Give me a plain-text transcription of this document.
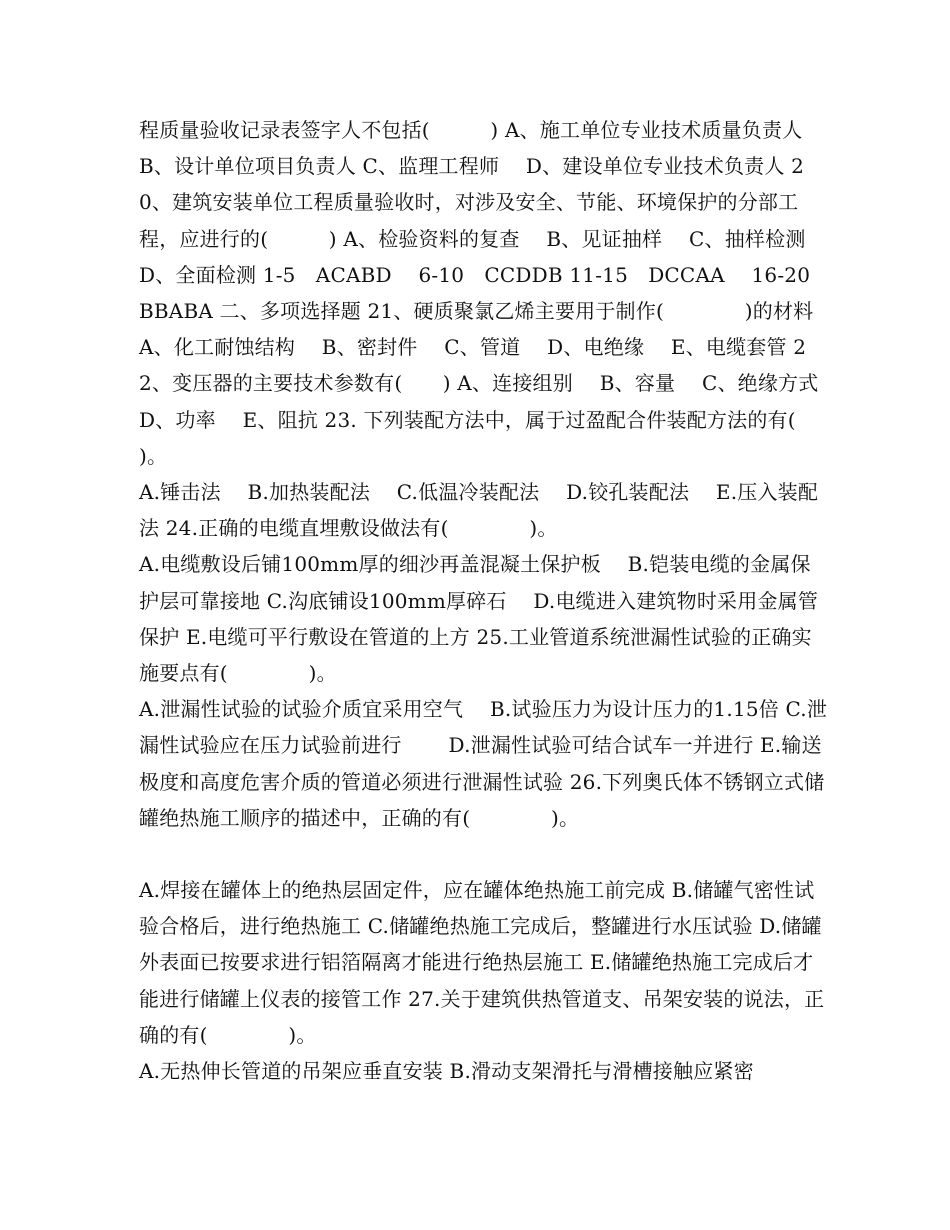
程质量验收记录表签字人不包括(　　　) A、施工单位专业技术质量负责人　 B、设计单位项目负责人 C、监理工程师　 D、建设单位专业技术负责人 20、建筑安装单位工程质量验收时，对涉及安全、节能、环境保护的分部工程，应进行的(　　　) A、检验资料的复查　 B、见证抽样　 C、抽样检测　 D、全面检测 1-5　ACABD　 6-10　CCDDB 11-15　DCCAA　 16-20　BBABA 二、多项选择题 21、硬质聚氯乙烯主要用于制作(　　　　)的材料 A、化工耐蚀结构　 B、密封件　 C、管道　 D、电绝缘　 E、电缆套管 22、变压器的主要技术参数有(　　) A、连接组别　 B、容量　 C、绝缘方式　 D、功率　 E、阻抗 23. 下列装配方法中，属于过盈配合件装配方法的有(　　　　)。

A.锤击法　 B.加热装配法　 C.低温冷装配法　 D.铰孔装配法　 E.压入装配法 24.正确的电缆直埋敷设做法有(　　　　)。

A.电缆敷设后铺100mm厚的细沙再盖混凝土保护板　 B.铠装电缆的金属保护层可靠接地 C.沟底铺设100mm厚碎石　 D.电缆进入建筑物时采用金属管保护 E.电缆可平行敷设在管道的上方 25.工业管道系统泄漏性试验的正确实施要点有(　　　　)。

A.泄漏性试验的试验介质宜采用空气　 B.试验压力为设计压力的1.15倍 C.泄漏性试验应在压力试验前进行　　 D.泄漏性试验可结合试车一并进行 E.输送极度和高度危害介质的管道必须进行泄漏性试验 26.下列奥氏体不锈钢立式储罐绝热施工顺序的描述中，正确的有(　　　　)。

A.焊接在罐体上的绝热层固定件，应在罐体绝热施工前完成 B.储罐气密性试验合格后，进行绝热施工 C.储罐绝热施工完成后，整罐进行水压试验 D.储罐外表面已按要求进行铝箔隔离才能进行绝热层施工 E.储罐绝热施工完成后才能进行储罐上仪表的接管工作 27.关于建筑供热管道支、吊架安装的说法，正确的有(　　　　)。

A.无热伸长管道的吊架应垂直安装 B.滑动支架滑托与滑槽接触应紧密
